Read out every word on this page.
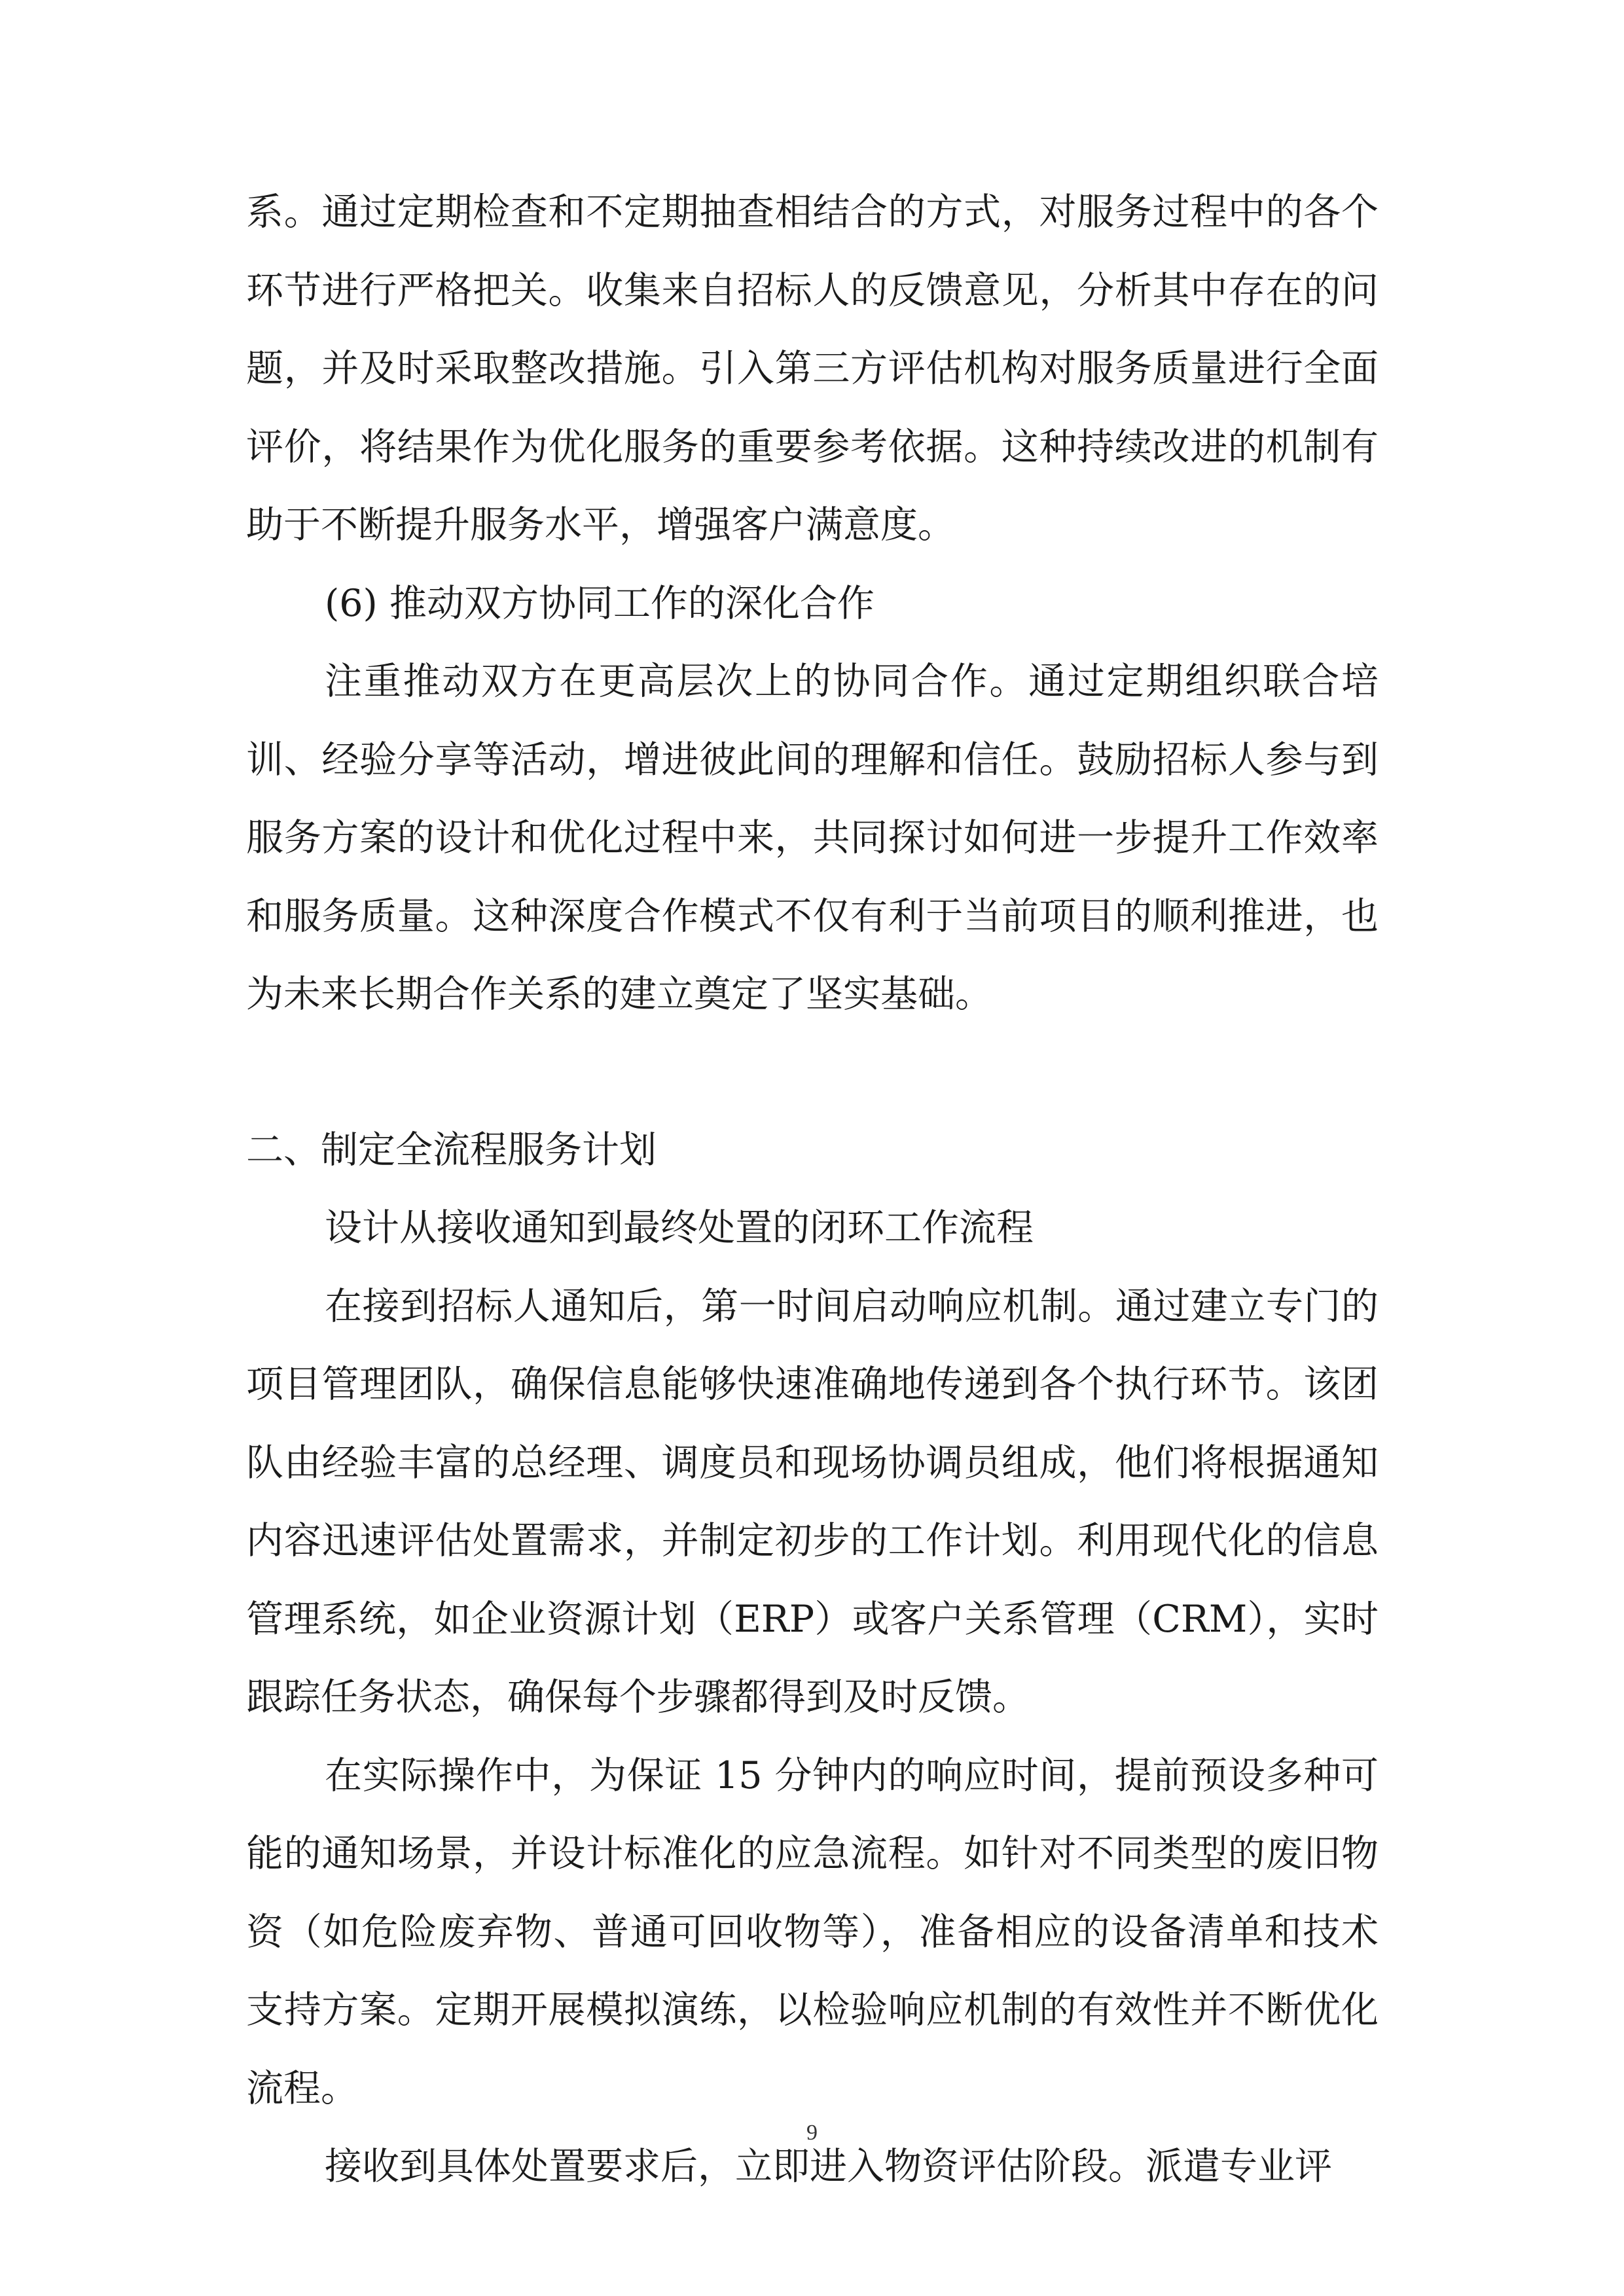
系。通过定期检查和不定期抽查相结合的方式，对服务过程中的各个环节进行严格把关。收集来自招标人的反馈意见，分析其中存在的问题，并及时采取整改措施。引入第三方评估机构对服务质量进行全面评价，将结果作为优化服务的重要参考依据。这种持续改进的机制有助于不断提升服务水平，增强客户满意度。

(6) 推动双方协同工作的深化合作

注重推动双方在更高层次上的协同合作。通过定期组织联合培训、经验分享等活动，增进彼此间的理解和信任。鼓励招标人参与到服务方案的设计和优化过程中来，共同探讨如何进一步提升工作效率和服务质量。这种深度合作模式不仅有利于当前项目的顺利推进，也为未来长期合作关系的建立奠定了坚实基础。

二、制定全流程服务计划

设计从接收通知到最终处置的闭环工作流程

在接到招标人通知后，第一时间启动响应机制。通过建立专门的项目管理团队，确保信息能够快速准确地传递到各个执行环节。该团队由经验丰富的总经理、调度员和现场协调员组成，他们将根据通知内容迅速评估处置需求，并制定初步的工作计划。利用现代化的信息管理系统，如企业资源计划（ERP）或客户关系管理（CRM），实时跟踪任务状态，确保每个步骤都得到及时反馈。

在实际操作中，为保证 15 分钟内的响应时间，提前预设多种可能的通知场景，并设计标准化的应急流程。如针对不同类型的废旧物资（如危险废弃物、普通可回收物等），准备相应的设备清单和技术支持方案。定期开展模拟演练，以检验响应机制的有效性并不断优化流程。

接收到具体处置要求后，立即进入物资评估阶段。派遣专业评

9
